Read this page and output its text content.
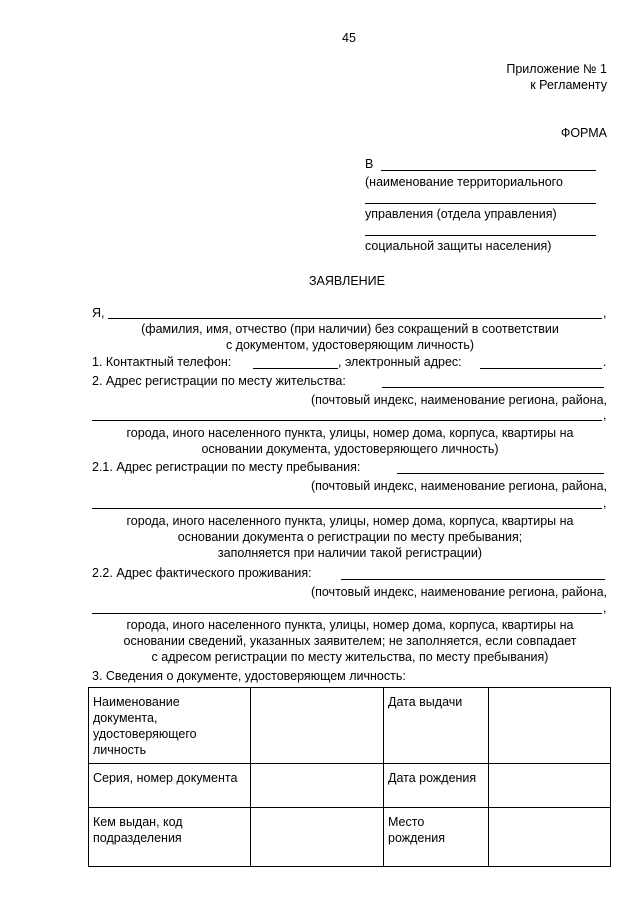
45
Приложение № 1
к Регламенту
ФОРМА
В
(наименование территориального
управления (отдела управления)
социальной защиты населения)
ЗАЯВЛЕНИЕ
Я,	,
(фамилия, имя, отчество (при наличии) без сокращений в соответствии
с документом, удостоверяющим личность)
1. Контактный телефон:	, электронный адрес:	.
2. Адрес регистрации по месту жительства:
(почтовый индекс, наименование региона, района,
,
города, иного населенного пункта, улицы, номер дома, корпуса, квартиры на
основании документа, удостоверяющего личность)
2.1. Адрес регистрации по месту пребывания:
(почтовый индекс, наименование региона, района,
,
города, иного населенного пункта, улицы, номер дома, корпуса, квартиры на
основании документа о регистрации по месту пребывания;
заполняется при наличии такой регистрации)
2.2. Адрес фактического проживания:
(почтовый индекс, наименование региона, района,
,
города, иного населенного пункта, улицы, номер дома, корпуса, квартиры на
основании сведений, указанных заявителем; не заполняется, если совпадает
с адресом регистрации по месту жительства, по месту пребывания)
3. Сведения о документе, удостоверяющем личность:
Наименование документа, удостоверяющего личность		Дата выдачи	
Серия, номер документа		Дата рождения	
Кем выдан, код подразделения		Место рождения	
